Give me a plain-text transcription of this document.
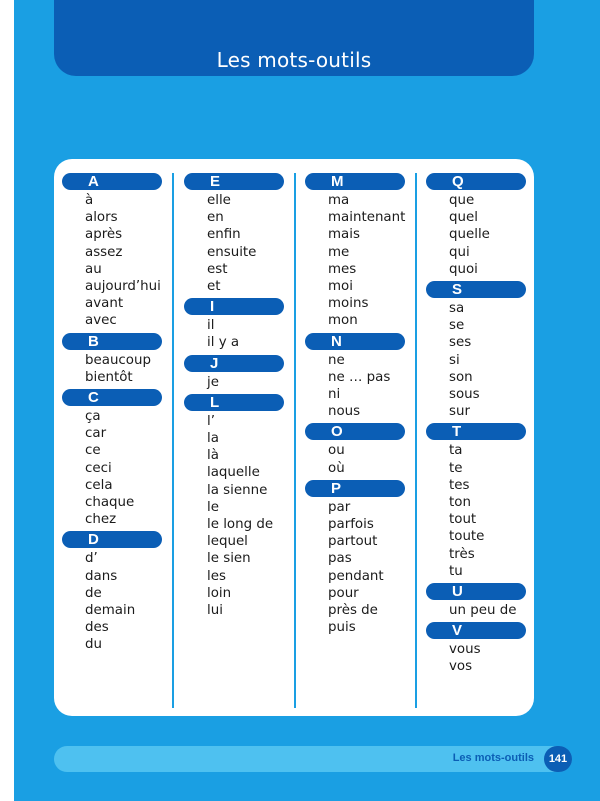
Les mots-outils
A
à
alors
après
assez
au
aujourd’hui
avant
avec
B
beaucoup
bientôt
C
ça
car
ce
ceci
cela
chaque
chez
D
d’
dans
de
demain
des
du
E
elle
en
enfin
ensuite
est
et
I
il
il y a
J
je
L
l’
la
là
laquelle
la sienne
le
le long de
lequel
le sien
les
loin
lui
M
ma
maintenant
mais
me
mes
moi
moins
mon
N
ne
ne … pas
ni
nous
O
ou
où
P
par
parfois
partout
pas
pendant
pour
près de
puis
Q
que
quel
quelle
qui
quoi
S
sa
se
ses
si
son
sous
sur
T
ta
te
tes
ton
tout
toute
très
tu
U
un peu de
V
vous
vos
Les mots-outils	141
